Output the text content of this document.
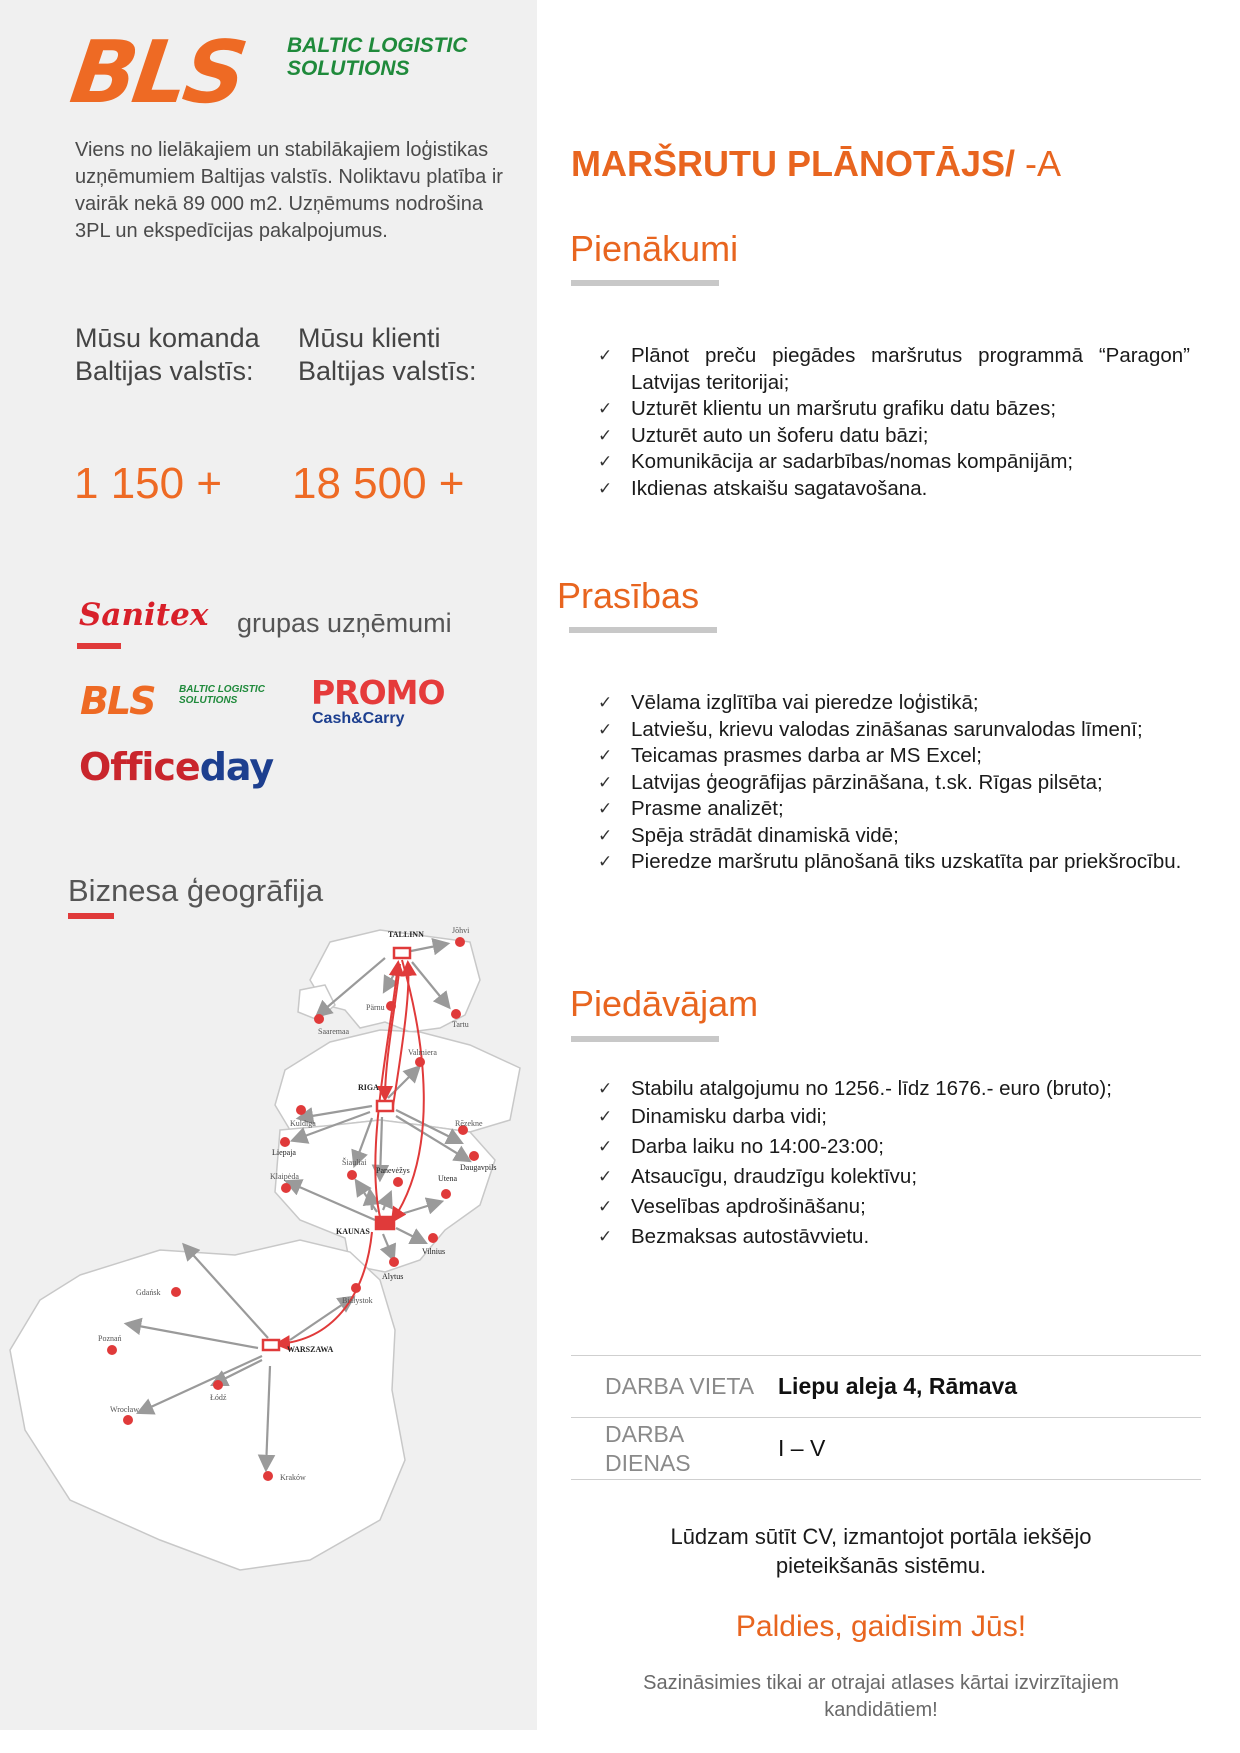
BLS BALTIC LOGISTIC
SOLUTIONS

Viens no lielākajiem un stabilākajiem loģistikas uzņēmumiem Baltijas valstīs. Noliktavu platība ir vairāk nekā 89 000 m2. Uzņēmums nodrošina 3PL un ekspedīcijas pakalpojumus.

Mūsu komanda
Baltijas valstīs:
Mūsu klienti
Baltijas valstīs:
1 150 + 18 500 +
Sanitex grupas uzņēmumi
BLS BALTIC LOGISTIC
SOLUTIONS	PROMO
Cash&Carry
Officeday
Biznesa ģeogrāfija
TALLINN	Jõhvi
Pärnu
Tartu
Saaremaa
Valmiera
RIGA
Kuldīga
Liepaja
Rēzekne
Daugavpils
Šiauliai
Panevėžys
Klaipėda	Utena
KAUNAS
Vilnius
Alytus
Gdańsk
Białystok
Poznań
WARSZAWA
Wrocław
Łódź
Kraków
MARŠRUTU PLĀNOTĀJS/ -A
Pienākumi
✓ Plānot preču piegādes maršrutus programmā “Paragon” Latvijas teritorijai;
✓ Uzturēt klientu un maršrutu grafiku datu bāzes;
✓ Uzturēt auto un šoferu datu bāzi;
✓ Komunikācija ar sadarbības/nomas kompānijām;
✓ Ikdienas atskaišu sagatavošana.
Prasības
✓ Vēlama izglītība vai pieredze loģistikā;
✓ Latviešu, krievu valodas zināšanas sarunvalodas līmenī;
✓ Teicamas prasmes darba ar MS Excel;
✓ Latvijas ģeogrāfijas pārzināšana, t.sk. Rīgas pilsēta;
✓ Prasme analizēt;
✓ Spēja strādāt dinamiskā vidē;
✓ Pieredze maršrutu plānošanā tiks uzskatīta par priekšrocību.
Piedāvājam
✓ Stabilu atalgojumu no 1256.- līdz 1676.- euro (bruto);
✓ Dinamisku darba vidi;
✓ Darba laiku no 14:00-23:00;
✓ Atsaucīgu, draudzīgu kolektīvu;
✓ Veselības apdrošināšanu;
✓ Bezmaksas autostāvvietu.
DARBA VIETA	Liepu aleja 4, Rāmava
DARBA
DIENAS
I – V
Lūdzam sūtīt CV, izmantojot portāla iekšējo
pieteikšanās sistēmu.
Paldies, gaidīsim Jūs!
Sazināsimies tikai ar otrajai atlases kārtai izvirzītajiem
kandidātiem!
